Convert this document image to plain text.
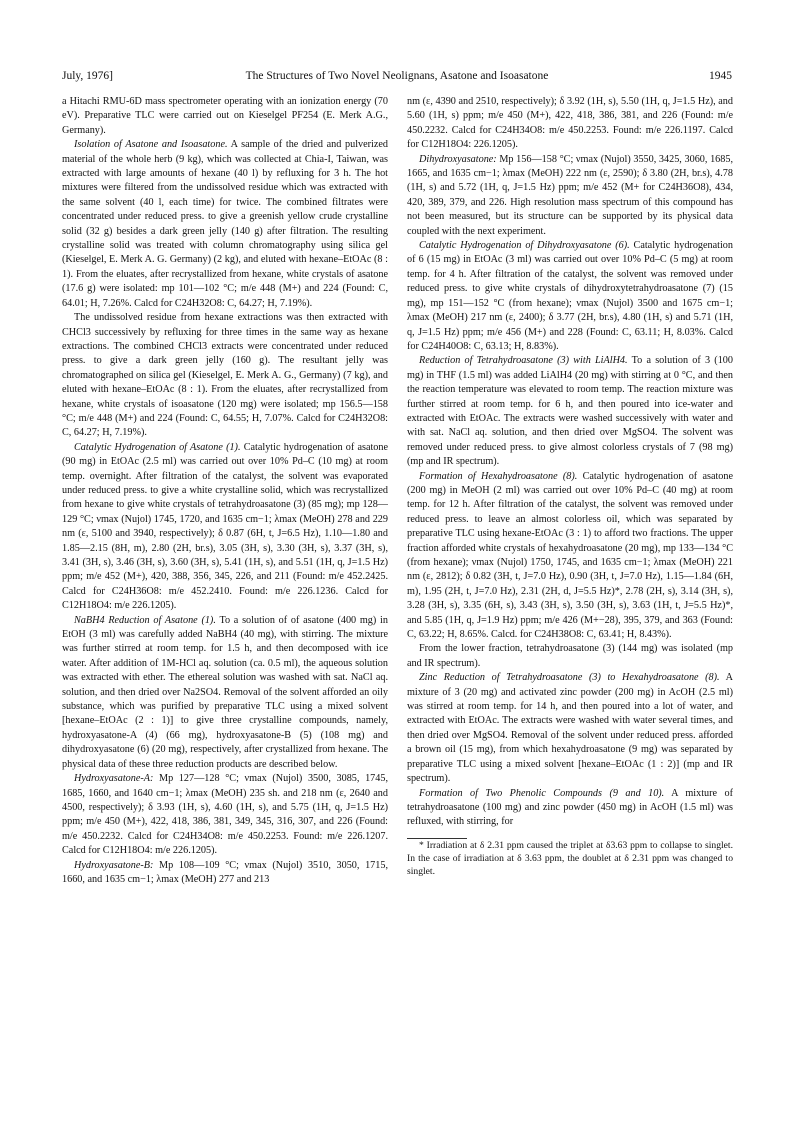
July, 1976]	The Structures of Two Novel Neolignans, Asatone and Isoasatone	1945

a Hitachi RMU-6D mass spectrometer operating with an ionization energy (70 eV). Preparative TLC were carried out on Kieselgel PF254 (E. Merk A.G., Germany).

Isolation of Asatone and Isoasatone. A sample of the dried and pulverized material of the whole herb (9 kg), which was collected at Chia-I, Taiwan, was extracted with large amounts of hexane (40 l) by refluxing for 3 h. The hot mixtures were filtered from the undissolved residue which was extracted with the same solvent (40 l, each time) for twice. The combined filtrates were concentrated under reduced press. to give a greenish yellow crude crystalline solid (32 g) besides a dark green jelly (140 g) after filtration. The resulting crystalline solid was treated with column chromatography using silica gel (Kieselgel, E. Merk A. G. Germany) (2 kg), and eluted with hexane–EtOAc (8 : 1). From the eluates, after recrystallized from hexane, white crystals of asatone (17.6 g) were isolated: mp 101—102 °C; m/e 448 (M+) and 224 (Found: C, 64.01; H, 7.26%. Calcd for C24H32O8: C, 64.27; H, 7.19%).

The undissolved residue from hexane extractions was then extracted with CHCl3 successively by refluxing for three times in the same way as hexane extractions. The combined CHCl3 extracts were concentrated under reduced press. to give a dark green jelly (160 g). The resultant jelly was chromatographed on silica gel (Kieselgel, E. Merk A. G., Germany) (7 kg), and eluted with hexane–EtOAc (8 : 1). From the eluates, after recrystallized from hexane, white crystals of isoasatone (120 mg) were isolated; mp 156.5—158 °C; m/e 448 (M+) and 224 (Found: C, 64.55; H, 7.07%. Calcd for C24H32O8: C, 64.27; H, 7.19%).

Catalytic Hydrogenation of Asatone (1). Catalytic hydrogenation of asatone (90 mg) in EtOAc (2.5 ml) was carried out over 10% Pd–C (10 mg) at room temp. overnight. After filtration of the catalyst, the solvent was evaporated under reduced press. to give a white crystalline solid, which was recrystallized from hexane to give white crystals of tetrahydroasatone (3) (85 mg); mp 128—129 °C; νmax (Nujol) 1745, 1720, and 1635 cm−1; λmax (MeOH) 278 and 229 nm (ε, 5100 and 3940, respectively); δ 0.87 (6H, t, J=6.5 Hz), 1.10—1.80 and 1.85—2.15 (8H, m), 2.80 (2H, br.s), 3.05 (3H, s), 3.30 (3H, s), 3.37 (3H, s), 3.41 (3H, s), 3.46 (3H, s), 3.60 (3H, s), 5.41 (1H, s), and 5.51 (1H, q, J=1.5 Hz) ppm; m/e 452 (M+), 420, 388, 356, 345, 226, and 211 (Found: m/e 452.2425. Calcd for C24H36O8: m/e 452.2410. Found: m/e 226.1236. Calcd for C12H18O4: m/e 226.1205).

NaBH4 Reduction of Asatone (1). To a solution of of asatone (400 mg) in EtOH (3 ml) was carefully added NaBH4 (40 mg), with stirring. The mixture was further stirred at room temp. for 1.5 h, and then decomposed with ice water. After addition of 1M-HCl aq. solution (ca. 0.5 ml), the aqueous solution was extracted with ether. The ethereal solution was washed with sat. NaCl aq. solution, and then dried over Na2SO4. Removal of the solvent afforded an oily substance, which was purified by preparative TLC using a mixed solvent [hexane–EtOAc (2 : 1)] to give three crystalline compounds, namely, hydroxyasatone-A (4) (66 mg), hydroxyasatone-B (5) (108 mg) and dihydroxyasatone (6) (20 mg), respectively, after crystallized from hexane. The physical data of these three reduction products are described below.

Hydroxyasatone-A: Mp 127—128 °C; νmax (Nujol) 3500, 3085, 1745, 1685, 1660, and 1640 cm−1; λmax (MeOH) 235 sh. and 218 nm (ε, 2640 and 4500, respectively); δ 3.93 (1H, s), 4.60 (1H, s), and 5.75 (1H, q, J=1.5 Hz) ppm; m/e 450 (M+), 422, 418, 386, 381, 349, 345, 316, 307, and 226 (Found: m/e 450.2232. Calcd for C24H34O8: m/e 450.2253. Found: m/e 226.1207. Calcd for C12H18O4: m/e 226.1205).

Hydroxyasatone-B: Mp 108—109 °C; νmax (Nujol) 3510, 3050, 1715, 1660, and 1635 cm−1; λmax (MeOH) 277 and 213

nm (ε, 4390 and 2510, respectively); δ 3.92 (1H, s), 5.50 (1H, q, J=1.5 Hz), and 5.60 (1H, s) ppm; m/e 450 (M+), 422, 418, 386, 381, and 226 (Found: m/e 450.2232. Calcd for C24H34O8: m/e 450.2253. Found: m/e 226.1197. Calcd for C12H18O4: 226.1205).

Dihydroxyasatone: Mp 156—158 °C; νmax (Nujol) 3550, 3425, 3060, 1685, 1665, and 1635 cm−1; λmax (MeOH) 222 nm (ε, 2590); δ 3.80 (2H, br.s), 4.78 (1H, s) and 5.72 (1H, q, J=1.5 Hz) ppm; m/e 452 (M+ for C24H36O8), 434, 420, 389, 379, and 226. High resolution mass spectrum of this compound has not been measured, but its structure can be supported by its physical data coupled with the next experiment.

Catalytic Hydrogenation of Dihydroxyasatone (6). Catalytic hydrogenation of 6 (15 mg) in EtOAc (3 ml) was carried out over 10% Pd–C (5 mg) at room temp. for 4 h. After filtration of the catalyst, the solvent was removed under reduced press. to give white crystals of dihydroxytetrahydroasatone (7) (15 mg), mp 151—152 °C (from hexane); νmax (Nujol) 3500 and 1675 cm−1; λmax (MeOH) 217 nm (ε, 2400); δ 3.77 (2H, br.s), 4.80 (1H, s) and 5.71 (1H, q, J=1.5 Hz) ppm; m/e 456 (M+) and 228 (Found: C, 63.11; H, 8.03%. Calcd for C24H40O8: C, 63.13; H, 8.83%).

Reduction of Tetrahydroasatone (3) with LiAlH4. To a solution of 3 (100 mg) in THF (1.5 ml) was added LiAlH4 (20 mg) with stirring at 0 °C, and then the reaction temperature was elevated to room temp. The reaction mixture was further stirred at room temp. for 6 h, and then poured into ice-water and extracted with EtOAc. The extracts were washed successively with water and with sat. NaCl aq. solution, and then dried over MgSO4. The solvent was removed under reduced press. to give almost colorless crystals of 7 (98 mg) (mp and IR spectrum).

Formation of Hexahydroasatone (8). Catalytic hydrogenation of asatone (200 mg) in MeOH (2 ml) was carried out over 10% Pd–C (40 mg) at room temp. for 12 h. After filtration of the catalyst, the solvent was removed under reduced press. to leave an almost colorless oil, which was separated by preparative TLC using hexane-EtOAc (3 : 1) to afford two fractions. The upper fraction afforded white crystals of hexahydroasatone (20 mg), mp 133—134 °C (from hexane); νmax (Nujol) 1750, 1745, and 1635 cm−1; λmax (MeOH) 221 nm (ε, 2812); δ 0.82 (3H, t, J=7.0 Hz), 0.90 (3H, t, J=7.0 Hz), 1.15—1.84 (6H, m), 1.95 (2H, t, J=7.0 Hz), 2.31 (2H, d, J=5.5 Hz)*, 2.78 (2H, s), 3.14 (3H, s), 3.28 (3H, s), 3.35 (6H, s), 3.43 (3H, s), 3.50 (3H, s), 3.63 (1H, t, J=5.5 Hz)*, and 5.85 (1H, q, J=1.9 Hz) ppm; m/e 426 (M+−28), 395, 379, and 363 (Found: C, 63.22; H, 8.65%. Calcd. for C24H38O8: C, 63.41; H, 8.43%).

From the lower fraction, tetrahydroasatone (3) (144 mg) was isolated (mp and IR spectrum).

Zinc Reduction of Tetrahydroasatone (3) to Hexahydroasatone (8). A mixture of 3 (20 mg) and activated zinc powder (200 mg) in AcOH (2.5 ml) was stirred at room temp. for 14 h, and then poured into a lot of water, and extracted with EtOAc. The extracts were washed with water several times, and then dried over MgSO4. Removal of the solvent under reduced press. afforded a brown oil (15 mg), from which hexahydroasatone (9 mg) was separated by preparative TLC using a mixed solvent [hexane–EtOAc (1 : 2)] (mp and IR spectrum).

Formation of Two Phenolic Compounds (9 and 10). A mixture of tetrahydroasatone (100 mg) and zinc powder (450 mg) in AcOH (1.5 ml) was refluxed, with stirring, for

* Irradiation at δ 2.31 ppm caused the triplet at δ3.63 ppm to collapse to singlet. In the case of irradiation at δ 3.63 ppm, the doublet at δ 2.31 ppm was changed to singlet.
